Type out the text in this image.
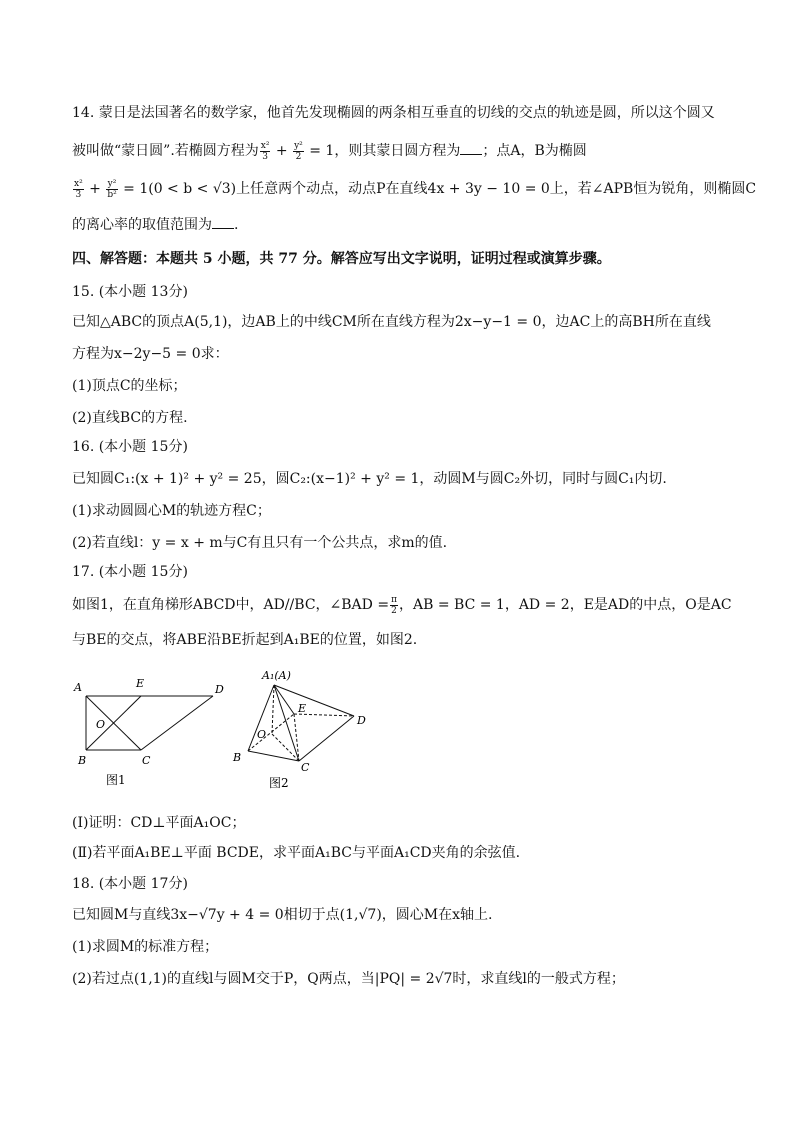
14. 蒙日是法国著名的数学家，他首先发现椭圆的两条相互垂直的切线的交点的轨迹是圆，所以这个圆又
被叫做“蒙日圆”.若椭圆方程为 $\frac{\text{x²}}{3} + \frac{\text{y²}}{2} = 1$，则其蒙日圆方程为 ；点A，B为椭圆
$\frac{\text{x²}}{3} + \frac{\text{y²}}{\text{b²}} = 1(0 < b < √3)$上任意两个动点，动点P在直线4x + 3y − 10 = 0上，若∠APB恒为锐角，则椭圆C
的离心率的取值范围为 .
四、解答题：本题共 5 小题，共 77 分。解答应写出文字说明，证明过程或演算步骤。
15. (本小题 13分)
已知△ABC的顶点A(5,1)，边AB上的中线CM所在直线方程为2x−y−1 = 0，边AC上的高BH所在直线
方程为x−2y−5 = 0求：
(1)顶点C的坐标；
(2)直线BC的方程.
16. (本小题 15分)
已知圆C₁:(x + 1)² + y² = 25，圆C₂:(x−1)² + y² = 1，动圆M与圆C₂外切，同时与圆C₁内切.
(1)求动圆圆心M的轨迹方程C；
(2)若直线l：y = x + m与C有且只有一个公共点，求m的值.
17. (本小题 15分)
如图1，在直角梯形ABCD中，AD//BC，∠BAD = $\frac{\pi}{2}$ ，AB = BC = 1，AD = 2，E是AD的中点，O是AC
与BE的交点，将ABE沿BE折起到A₁BE的位置，如图2.
A	E	D
O
B	C
图1
A₁(A)
E
D
O
B
C
图2
(Ⅰ)证明：CD⊥平面A₁OC；
(Ⅱ)若平面A₁BE⊥平面 BCDE，求平面A₁BC与平面A₁CD夹角的余弦值.
18. (本小题 17分)
已知圆M与直线3x−√7y + 4 = 0相切于点(1,√7)，圆心M在x轴上.
(1)求圆M的标准方程；
(2)若过点(1,1)的直线l与圆M交于P，Q两点，当|PQ| = 2√7时，求直线l的一般式方程；
